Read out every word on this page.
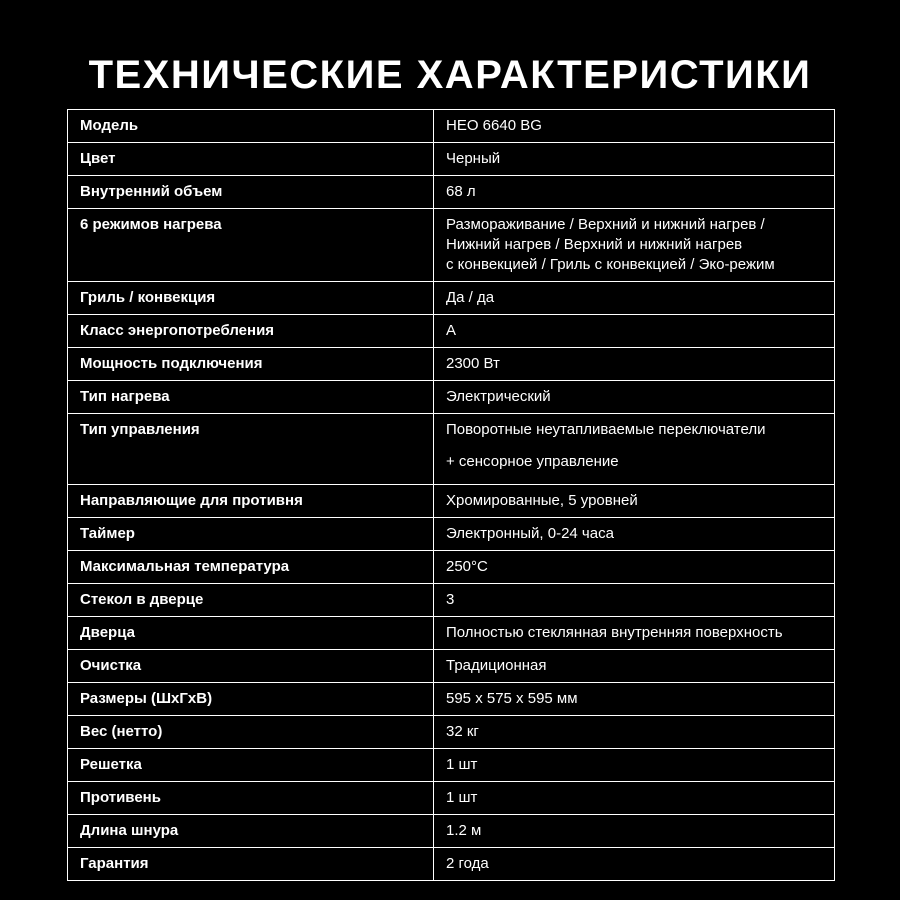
ТЕХНИЧЕСКИЕ ХАРАКТЕРИСТИКИ
Модель	HEO 6640 BG
Цвет	Черный
Внутренний объем	68 л
6 режимов нагрева	Размораживание / Верхний и нижний нагрев /
Нижний нагрев / Верхний и нижний нагрев
с конвекцией / Гриль с конвекцией / Эко-режим
Гриль / конвекция	Да / да
Класс энергопотребления	A
Мощность подключения	2300 Вт
Тип нагрева	Электрический
Тип управления	Поворотные неутапливаемые переключатели
+ сенсорное управление
Направляющие для противня	Хромированные, 5 уровней
Таймер	Электронный, 0-24 часа
Максимальная температура	250°C
Стекол в дверце	3
Дверца	Полностью стеклянная внутренняя поверхность
Очистка	Традиционная
Размеры (ШхГхВ)	595 х 575 х 595 мм
Вес (нетто)	32 кг
Решетка	1 шт
Противень	1 шт
Длина шнура	1.2 м
Гарантия	2 года
